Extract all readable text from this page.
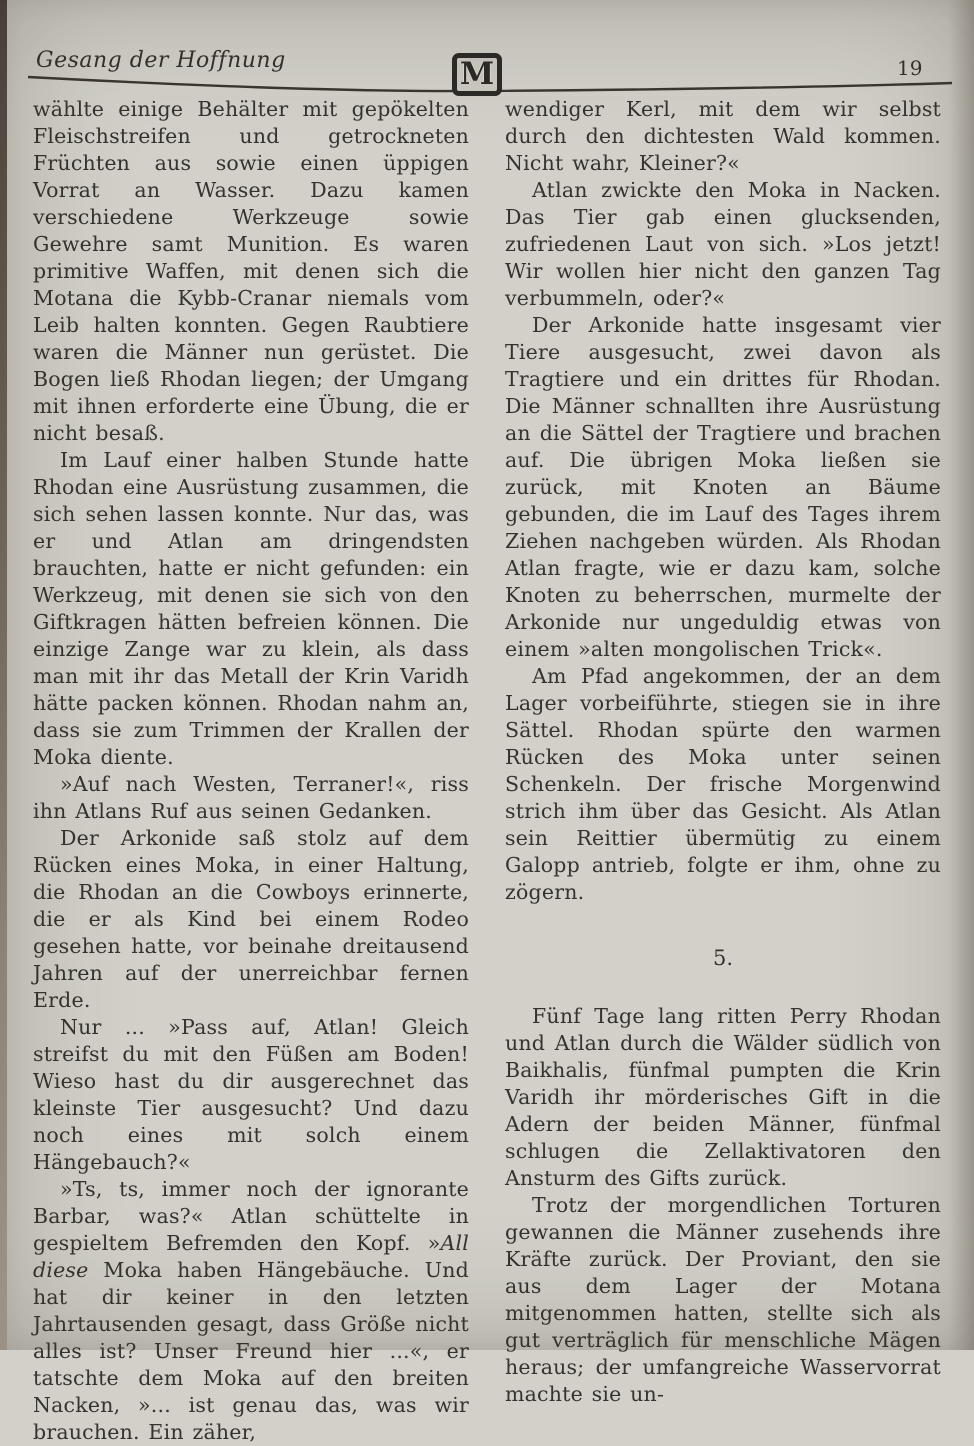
Gesang der Hoffnung	M	19

wählte einige Behälter mit gepökelten Fleischstreifen und getrockneten Früchten aus sowie einen üppigen Vorrat an Wasser. Dazu kamen verschiedene Werkzeuge sowie Gewehre samt Munition. Es waren primitive Waffen, mit denen sich die Motana die Kybb-Cranar niemals vom Leib halten konnten. Gegen Raubtiere waren die Männer nun gerüstet. Die Bogen ließ Rhodan liegen; der Umgang mit ihnen erforderte eine Übung, die er nicht besaß.

Im Lauf einer halben Stunde hatte Rhodan eine Ausrüstung zusammen, die sich sehen lassen konnte. Nur das, was er und Atlan am dringendsten brauchten, hatte er nicht gefunden: ein Werkzeug, mit denen sie sich von den Giftkragen hätten befreien können. Die einzige Zange war zu klein, als dass man mit ihr das Metall der Krin Varidh hätte packen können. Rhodan nahm an, dass sie zum Trimmen der Krallen der Moka diente.

»Auf nach Westen, Terraner!«, riss ihn Atlans Ruf aus seinen Gedanken.

Der Arkonide saß stolz auf dem Rücken eines Moka, in einer Haltung, die Rhodan an die Cowboys erinnerte, die er als Kind bei einem Rodeo gesehen hatte, vor beinahe dreitausend Jahren auf der unerreichbar fernen Erde.

Nur ... »Pass auf, Atlan! Gleich streifst du mit den Füßen am Boden! Wieso hast du dir ausgerechnet das kleinste Tier ausgesucht? Und dazu noch eines mit solch einem Hängebauch?«

»Ts, ts, immer noch der ignorante Barbar, was?« Atlan schüttelte in gespieltem Befremden den Kopf. »All diese Moka haben Hängebäuche. Und hat dir keiner in den letzten Jahrtausenden gesagt, dass Größe nicht alles ist? Unser Freund hier ...«, er tatschte dem Moka auf den breiten Nacken, »... ist genau das, was wir brauchen. Ein zäher,

wendiger Kerl, mit dem wir selbst durch den dichtesten Wald kommen. Nicht wahr, Kleiner?«

Atlan zwickte den Moka in Nacken. Das Tier gab einen glucksenden, zufriedenen Laut von sich. »Los jetzt! Wir wollen hier nicht den ganzen Tag verbummeln, oder?«

Der Arkonide hatte insgesamt vier Tiere ausgesucht, zwei davon als Tragtiere und ein drittes für Rhodan. Die Männer schnallten ihre Ausrüstung an die Sättel der Tragtiere und brachen auf. Die übrigen Moka ließen sie zurück, mit Knoten an Bäume gebunden, die im Lauf des Tages ihrem Ziehen nachgeben würden. Als Rhodan Atlan fragte, wie er dazu kam, solche Knoten zu beherrschen, murmelte der Arkonide nur ungeduldig etwas von einem »alten mongolischen Trick«.

Am Pfad angekommen, der an dem Lager vorbeiführte, stiegen sie in ihre Sättel. Rhodan spürte den warmen Rücken des Moka unter seinen Schenkeln. Der frische Morgenwind strich ihm über das Gesicht. Als Atlan sein Reittier übermütig zu einem Galopp antrieb, folgte er ihm, ohne zu zögern.

5.

Fünf Tage lang ritten Perry Rhodan und Atlan durch die Wälder südlich von Baikhalis, fünfmal pumpten die Krin Varidh ihr mörderisches Gift in die Adern der beiden Männer, fünfmal schlugen die Zellaktivatoren den Ansturm des Gifts zurück.

Trotz der morgendlichen Torturen gewannen die Männer zusehends ihre Kräfte zurück. Der Proviant, den sie aus dem Lager der Motana mitgenommen hatten, stellte sich als gut verträglich für menschliche Mägen heraus; der umfangreiche Wasservorrat machte sie un-
